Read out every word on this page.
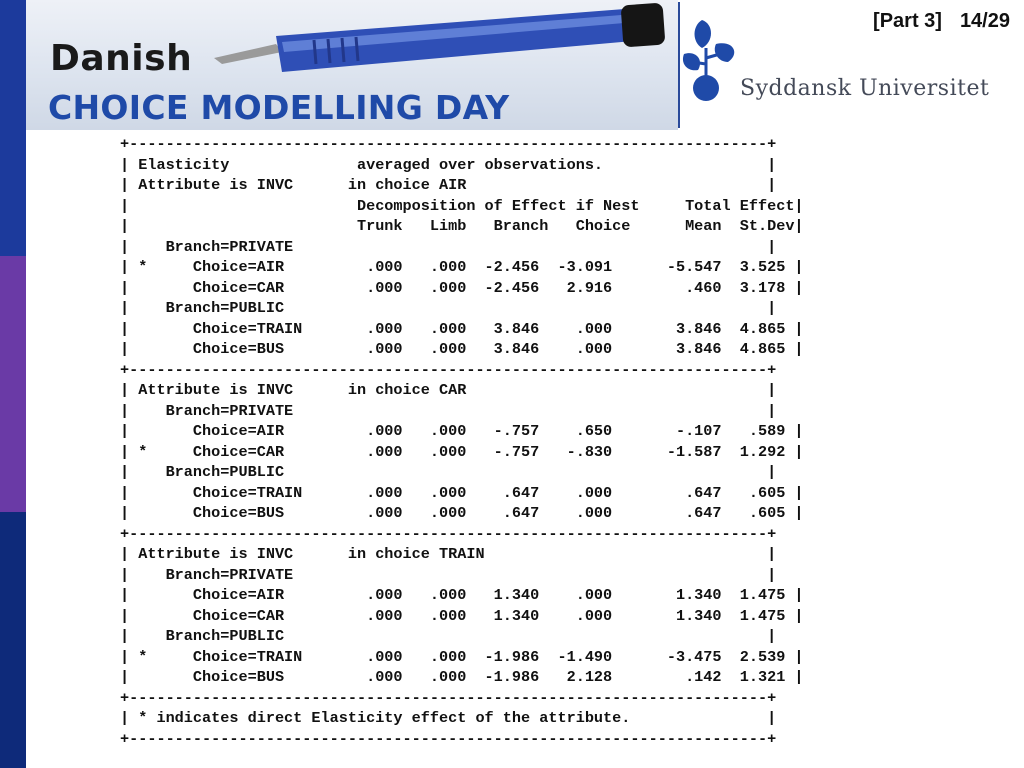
Danish
CHOICE MODELLING DAY	Syddansk Universitet
[Part 3] 14/29
+----------------------------------------------------------------------+
| Elasticity              averaged over observations.                  |
| Attribute is INVC      in choice AIR                                 |
|                         Decomposition of Effect if Nest     Total Effect|
|                         Trunk   Limb   Branch   Choice      Mean  St.Dev|
|    Branch=PRIVATE                                                    |
| *     Choice=AIR         .000   .000  -2.456  -3.091      -5.547  3.525 |
|       Choice=CAR         .000   .000  -2.456   2.916        .460  3.178 |
|    Branch=PUBLIC                                                     |
|       Choice=TRAIN       .000   .000   3.846    .000       3.846  4.865 |
|       Choice=BUS         .000   .000   3.846    .000       3.846  4.865 |
+----------------------------------------------------------------------+
| Attribute is INVC      in choice CAR                                 |
|    Branch=PRIVATE                                                    |
|       Choice=AIR         .000   .000   -.757    .650       -.107   .589 |
| *     Choice=CAR         .000   .000   -.757   -.830      -1.587  1.292 |
|    Branch=PUBLIC                                                     |
|       Choice=TRAIN       .000   .000    .647    .000        .647   .605 |
|       Choice=BUS         .000   .000    .647    .000        .647   .605 |
+----------------------------------------------------------------------+
| Attribute is INVC      in choice TRAIN                               |
|    Branch=PRIVATE                                                    |
|       Choice=AIR         .000   .000   1.340    .000       1.340  1.475 |
|       Choice=CAR         .000   .000   1.340    .000       1.340  1.475 |
|    Branch=PUBLIC                                                     |
| *     Choice=TRAIN       .000   .000  -1.986  -1.490      -3.475  2.539 |
|       Choice=BUS         .000   .000  -1.986   2.128        .142  1.321 |
+----------------------------------------------------------------------+
| * indicates direct Elasticity effect of the attribute.               |
+----------------------------------------------------------------------+
